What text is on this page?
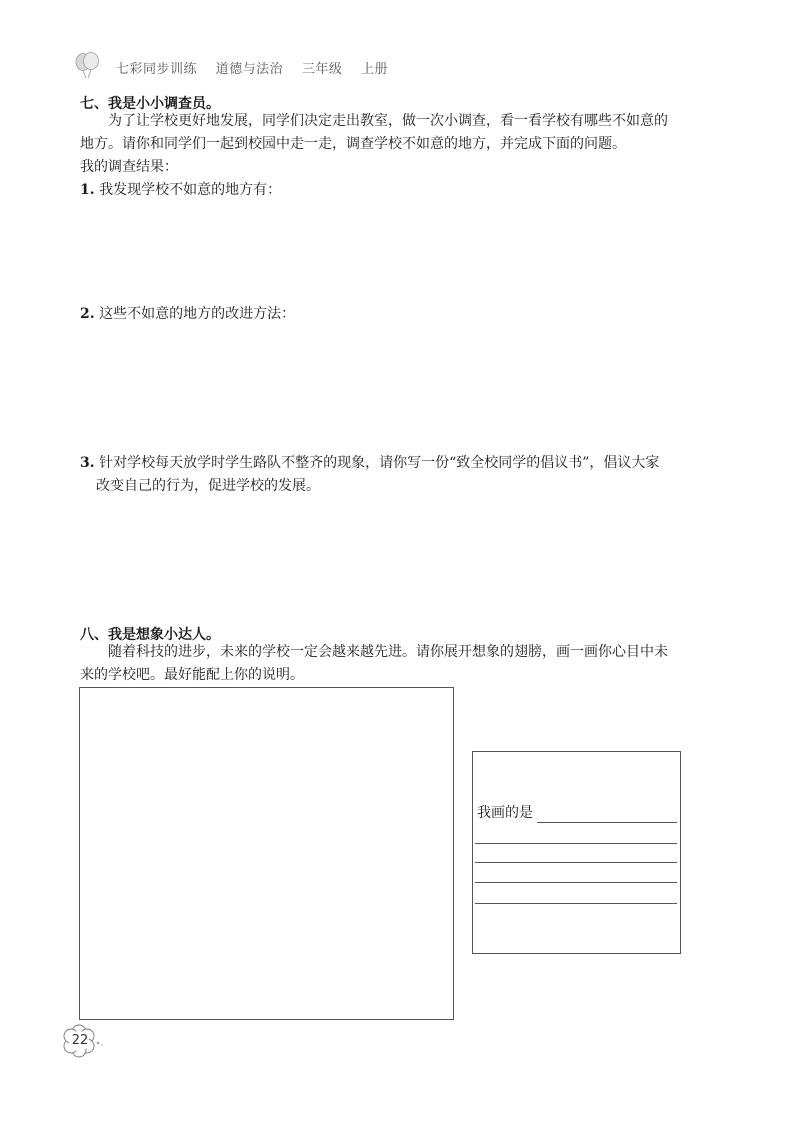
七彩同步训练 道德与法治 三年级 上册
七、我是小小调查员。
为了让学校更好地发展，同学们决定走出教室，做一次小调查，看一看学校有哪些不如意的
地方。请你和同学们一起到校园中走一走，调查学校不如意的地方，并完成下面的问题。
我的调查结果：
1. 我发现学校不如意的地方有：
2. 这些不如意的地方的改进方法：
3. 针对学校每天放学时学生路队不整齐的现象，请你写一份“致全校同学的倡议书”，倡议大家
改变自己的行为，促进学校的发展。
八、我是想象小达人。
随着科技的进步，未来的学校一定会越来越先进。请你展开想象的翅膀，画一画你心目中未
来的学校吧。最好能配上你的说明。
我画的是
22
